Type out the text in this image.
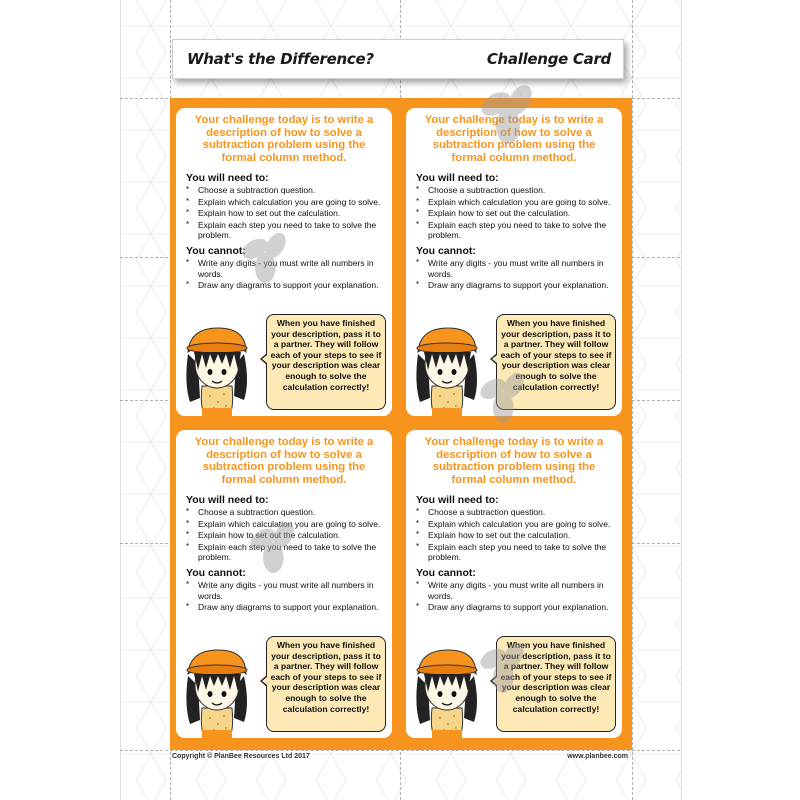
What's the Difference?	Challenge Card
Your challenge today is to write a description of how to solve a subtraction problem using the formal column method.
You will need to:
* Choose a subtraction question.
* Explain which calculation you are going to solve.
* Explain how to set out the calculation.
* Explain each step you need to take to solve the problem.
You cannot:
* Write any digits - you must write all numbers in words.
* Draw any diagrams to support your explanation.
When you have finished your description, pass it to a partner. They will follow each of your steps to see if your description was clear enough to solve the calculation correctly!
Your challenge today is to write a description of how to solve a subtraction problem using the formal column method.
You will need to:
* Choose a subtraction question.
* Explain which calculation you are going to solve.
* Explain how to set out the calculation.
* Explain each step you need to take to solve the problem.
You cannot:
* Write any digits - you must write all numbers in words.
* Draw any diagrams to support your explanation.
When you have finished your description, pass it to a partner. They will follow each of your steps to see if your description was clear enough to solve the calculation correctly!
Your challenge today is to write a description of how to solve a subtraction problem using the formal column method.
You will need to:
* Choose a subtraction question.
* Explain which calculation you are going to solve.
* Explain how to set out the calculation.
* Explain each step you need to take to solve the problem.
You cannot:
* Write any digits - you must write all numbers in words.
* Draw any diagrams to support your explanation.
When you have finished your description, pass it to a partner. They will follow each of your steps to see if your description was clear enough to solve the calculation correctly!
Your challenge today is to write a description of how to solve a subtraction problem using the formal column method.
You will need to:
* Choose a subtraction question.
* Explain which calculation you are going to solve.
* Explain how to set out the calculation.
* Explain each step you need to take to solve the problem.
You cannot:
* Write any digits - you must write all numbers in words.
* Draw any diagrams to support your explanation.
When you have finished your description, pass it to a partner. They will follow each of your steps to see if your description was clear enough to solve the calculation correctly!
Copyright © PlanBee Resources Ltd 2017	www.planbee.com
